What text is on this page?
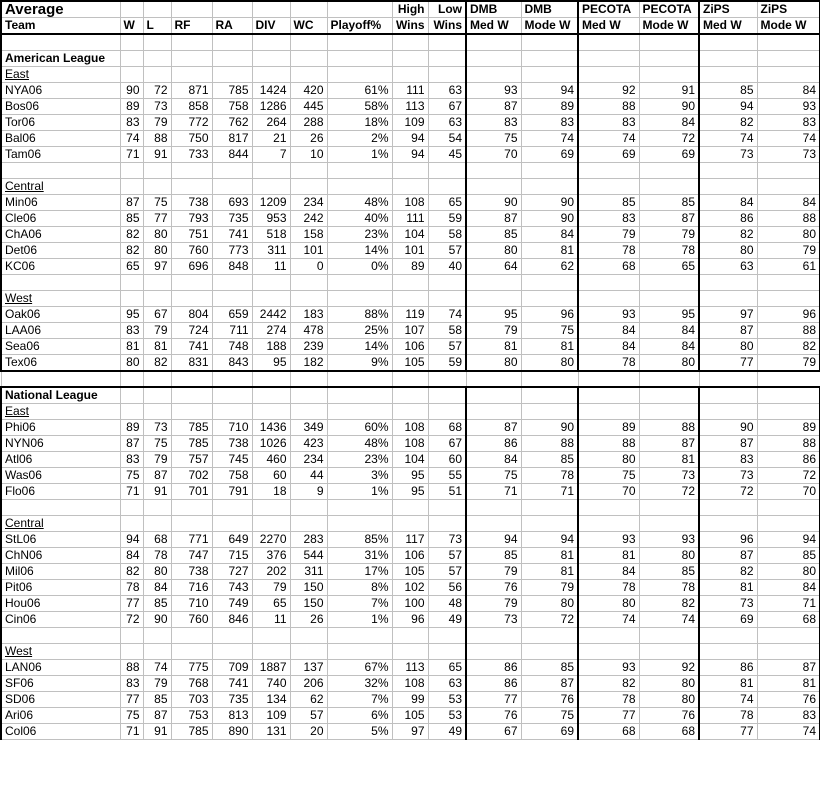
Average								High	Low	DMB	DMB	PECOTA	PECOTA	ZiPS	ZiPS
Team	W	L	RF	RA	DIV	WC	Playoff%	Wins	Wins	Med W	Mode W	Med W	Mode W	Med W	Mode W

American League															
East															
NYA06	90	72	871	785	1424	420	61%	111	63	93	94	92	91	85	84
Bos06	89	73	858	758	1286	445	58%	113	67	87	89	88	90	94	93
Tor06	83	79	772	762	264	288	18%	109	63	83	83	83	84	82	83
Bal06	74	88	750	817	21	26	2%	94	54	75	74	74	72	74	74
Tam06	71	91	733	844	7	10	1%	94	45	70	69	69	69	73	73

Central															
Min06	87	75	738	693	1209	234	48%	108	65	90	90	85	85	84	84
Cle06	85	77	793	735	953	242	40%	111	59	87	90	83	87	86	88
ChA06	82	80	751	741	518	158	23%	104	58	85	84	79	79	82	80
Det06	82	80	760	773	311	101	14%	101	57	80	81	78	78	80	79
KC06	65	97	696	848	11	0	0%	89	40	64	62	68	65	63	61

West															
Oak06	95	67	804	659	2442	183	88%	119	74	95	96	93	95	97	96
LAA06	83	79	724	711	274	478	25%	107	58	79	75	84	84	87	88
Sea06	81	81	741	748	188	239	14%	106	57	81	81	84	84	80	82
Tex06	80	82	831	843	95	182	9%	105	59	80	80	78	80	77	79

National League															
East															
Phi06	89	73	785	710	1436	349	60%	108	68	87	90	89	88	90	89
NYN06	87	75	785	738	1026	423	48%	108	67	86	88	88	87	87	88
Atl06	83	79	757	745	460	234	23%	104	60	84	85	80	81	83	86
Was06	75	87	702	758	60	44	3%	95	55	75	78	75	73	73	72
Flo06	71	91	701	791	18	9	1%	95	51	71	71	70	72	72	70

Central															
StL06	94	68	771	649	2270	283	85%	117	73	94	94	93	93	96	94
ChN06	84	78	747	715	376	544	31%	106	57	85	81	81	80	87	85
Mil06	82	80	738	727	202	311	17%	105	57	79	81	84	85	82	80
Pit06	78	84	716	743	79	150	8%	102	56	76	79	78	78	81	84
Hou06	77	85	710	749	65	150	7%	100	48	79	80	80	82	73	71
Cin06	72	90	760	846	11	26	1%	96	49	73	72	74	74	69	68

West															
LAN06	88	74	775	709	1887	137	67%	113	65	86	85	93	92	86	87
SF06	83	79	768	741	740	206	32%	108	63	86	87	82	80	81	81
SD06	77	85	703	735	134	62	7%	99	53	77	76	78	80	74	76
Ari06	75	87	753	813	109	57	6%	105	53	76	75	77	76	78	83
Col06	71	91	785	890	131	20	5%	97	49	67	69	68	68	77	74
